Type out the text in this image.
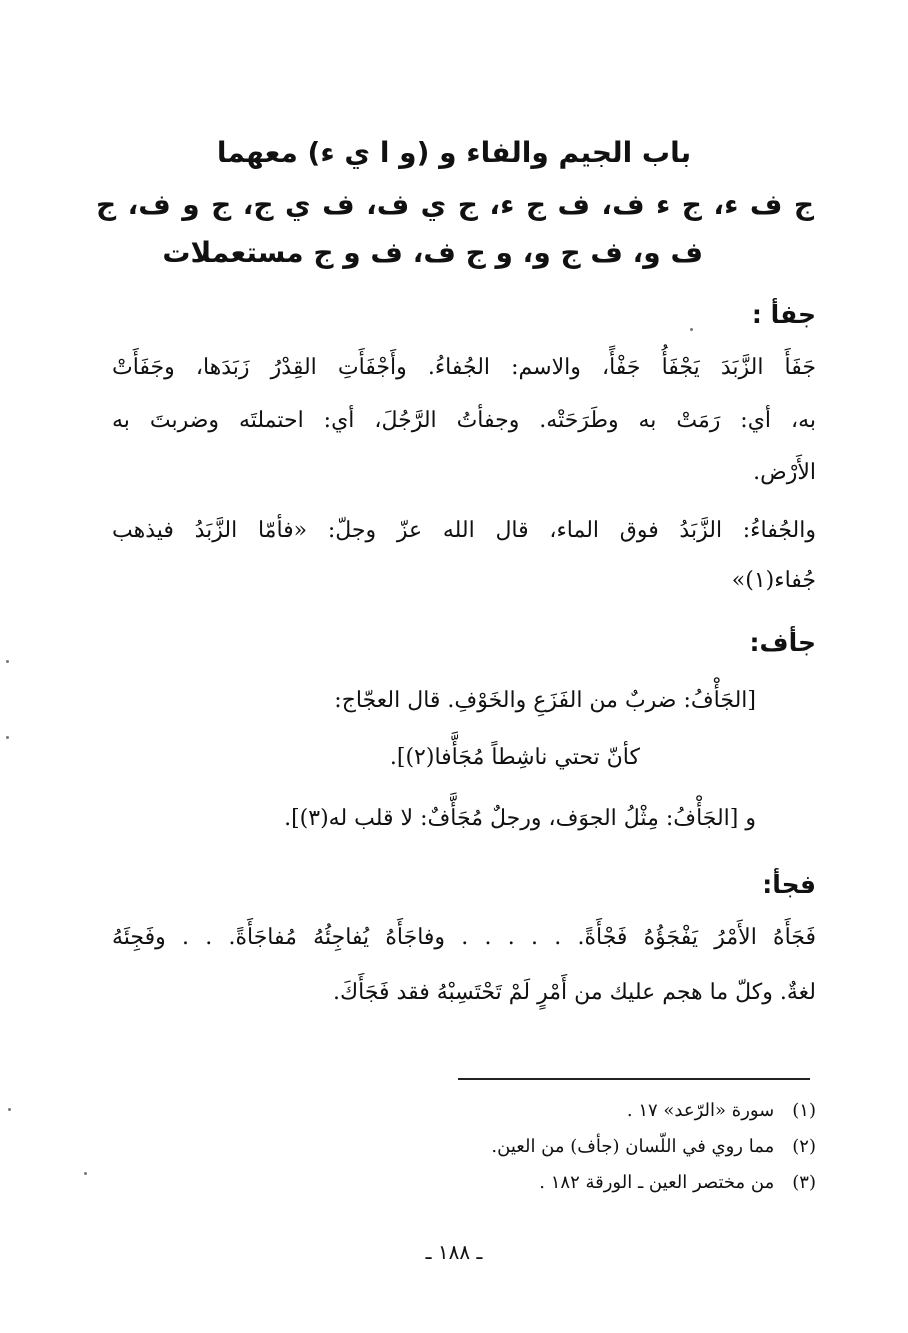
باب الجيم والفاء و (و ا ي ء) معهما
ج ف ء، ج ء ف، ف ج ء، ج ي ف، ف ي ج، ج و ف، ج
ف و، ف ج و، و ج ف، ف و ج مستعملات
جفأ :
جَفَأَ الزَّبَدَ يَجْفَأُ جَفْأً، والاسم: الجُفاءُ. وأَجْفَأَتِ القِدْرُ زَبَدَها، وجَفَأَتْ
به، أي: رَمَتْ به وطَرَحَتْه. وجفأتُ الرَّجُلَ، أي: احتملتَه وضربتَ به
الأَرْض.
والجُفاءُ: الزَّبَدُ فوق الماء، قال الله عزّ وجلّ: «فأمّا الزَّبَدُ فيذهب
جُفاء(١)»
جأف:
[الجَأْفُ: ضربٌ من الفَزَعِ والخَوْفِ. قال العجّاج:
كأنّ تحتي ناشِطاً مُجَأَّفا(٢)].
و [الجَأْفُ: مِثْلُ الجوَف، ورجلٌ مُجَأَّفٌ: لا قلب له(٣)].
فجأ:
فَجَأَهُ الأَمْرُ يَفْجَؤُهُ فَجْأَةً. . . . . . وفاجَأَهُ يُفاجِئُهُ مُفاجَأَةً. . . وفَجِئَهُ
لغةٌ. وكلّ ما هجم عليك من أَمْرٍ لَمْ تَحْتَسِبْهُ فقد فَجَأَكَ.
(١) سورة «الرّعد» ١٧ .
(٢) مما روي في اللّسان (جأف) من العين.
(٣) من مختصر العين ـ الورقة ١٨٢ .
ـ ١٨٨ ـ
